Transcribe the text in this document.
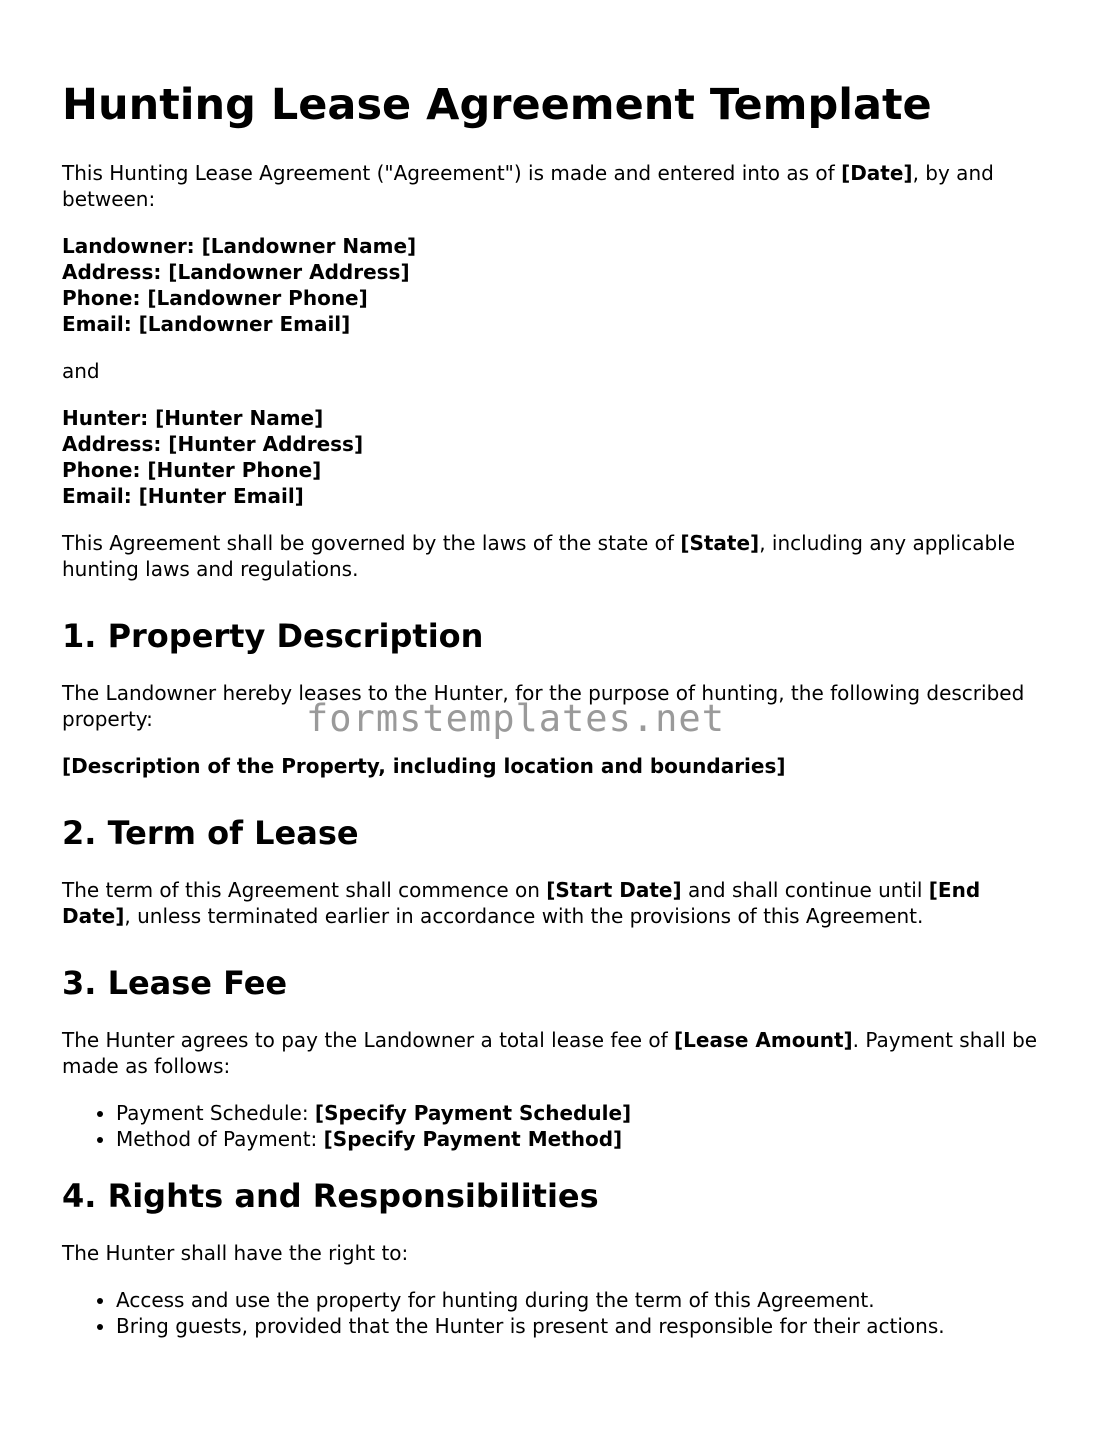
Hunting Lease Agreement Template

This Hunting Lease Agreement ("Agreement") is made and entered into as of [Date], by and between:

Landowner: [Landowner Name]
Address: [Landowner Address]
Phone: [Landowner Phone]
Email: [Landowner Email]

and

Hunter: [Hunter Name]
Address: [Hunter Address]
Phone: [Hunter Phone]
Email: [Hunter Email]

This Agreement shall be governed by the laws of the state of [State], including any applicable hunting laws and regulations.

1. Property Description

The Landowner hereby leases to the Hunter, for the purpose of hunting, the following described property:

[Description of the Property, including location and boundaries]

2. Term of Lease

The term of this Agreement shall commence on [Start Date] and shall continue until [End Date], unless terminated earlier in accordance with the provisions of this Agreement.

3. Lease Fee

The Hunter agrees to pay the Landowner a total lease fee of [Lease Amount]. Payment shall be made as follows:

• Payment Schedule: [Specify Payment Schedule]
• Method of Payment: [Specify Payment Method]
4. Rights and Responsibilities

The Hunter shall have the right to:

• Access and use the property for hunting during the term of this Agreement.
• Bring guests, provided that the Hunter is present and responsible for their actions.
formstemplates.net
